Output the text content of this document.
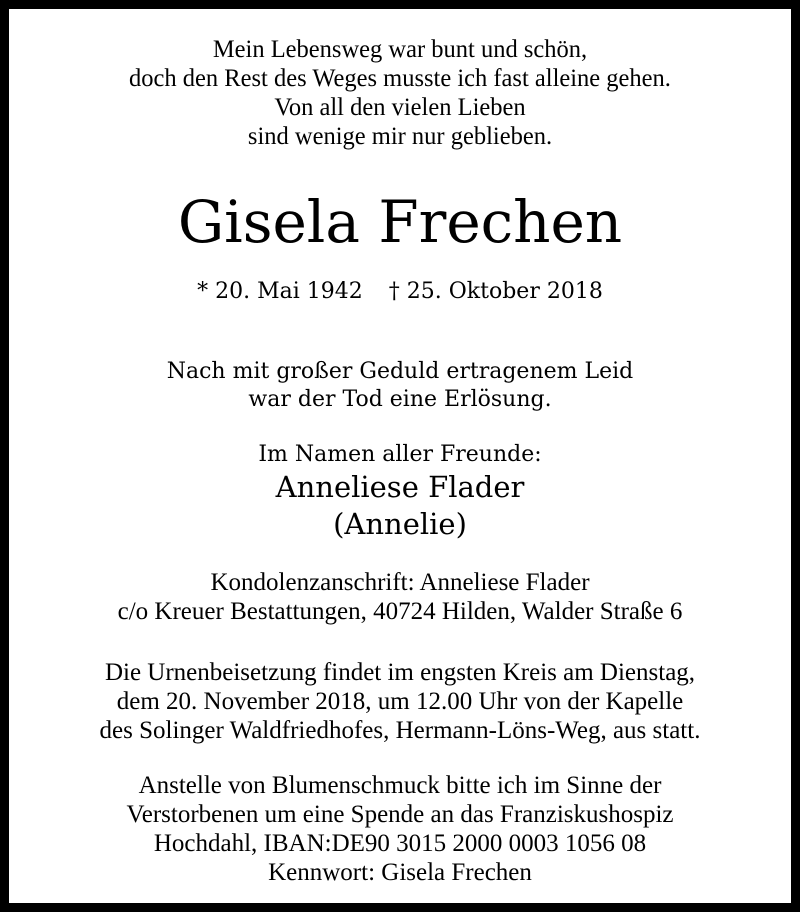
Mein Lebensweg war bunt und schön,
doch den Rest des Weges musste ich fast alleine gehen.
Von all den vielen Lieben
sind wenige mir nur geblieben.
Gisela Frechen
* 20. Mai 1942 † 25. Oktober 2018
Nach mit großer Geduld ertragenem Leid
war der Tod eine Erlösung.
Im Namen aller Freunde:
Anneliese Flader
(Annelie)
Kondolenzanschrift: Anneliese Flader
c/o Kreuer Bestattungen, 40724 Hilden, Walder Straße 6
Die Urnenbeisetzung findet im engsten Kreis am Dienstag,
dem 20. November 2018, um 12.00 Uhr von der Kapelle
des Solinger Waldfriedhofes, Hermann-Löns-Weg, aus statt.
Anstelle von Blumenschmuck bitte ich im Sinne der
Verstorbenen um eine Spende an das Franziskushospiz
Hochdahl, IBAN:DE90 3015 2000 0003 1056 08
Kennwort: Gisela Frechen
